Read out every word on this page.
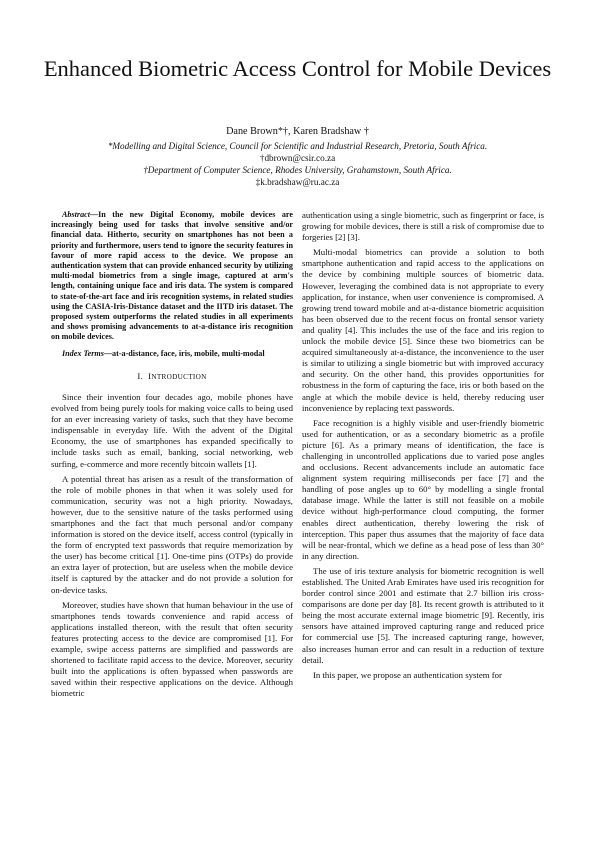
Enhanced Biometric Access Control for Mobile Devices
Dane Brown*†, Karen Bradshaw †
*Modelling and Digital Science, Council for Scientific and Industrial Research, Pretoria, South Africa.
†dbrown@csir.co.za
†Department of Computer Science, Rhodes University, Grahamstown, South Africa.
‡k.bradshaw@ru.ac.za

Abstract—In the new Digital Economy, mobile devices are increasingly being used for tasks that involve sensitive and/or financial data. Hitherto, security on smartphones has not been a priority and furthermore, users tend to ignore the security features in favour of more rapid access to the device. We propose an authentication system that can provide enhanced security by utilizing multi-modal biometrics from a single image, captured at arm's length, containing unique face and iris data. The system is compared to state-of-the-art face and iris recognition systems, in related studies using the CASIA-Iris-Distance dataset and the IITD iris dataset. The proposed system outperforms the related studies in all experiments and shows promising advancements to at-a-distance iris recognition on mobile devices.

Index Terms—at-a-distance, face, iris, mobile, multi-modal

I. INTRODUCTION

Since their invention four decades ago, mobile phones have evolved from being purely tools for making voice calls to being used for an ever increasing variety of tasks, such that they have become indispensable in everyday life. With the advent of the Digital Economy, the use of smartphones has expanded specifically to include tasks such as email, banking, social networking, web surfing, e-commerce and more recently bitcoin wallets [1].

A potential threat has arisen as a result of the transformation of the role of mobile phones in that when it was solely used for communication, security was not a high priority. Nowadays, however, due to the sensitive nature of the tasks performed using smartphones and the fact that much personal and/or company information is stored on the device itself, access control (typically in the form of encrypted text passwords that require memorization by the user) has become critical [1]. One-time pins (OTPs) do provide an extra layer of protection, but are useless when the mobile device itself is captured by the attacker and do not provide a solution for on-device tasks.

Moreover, studies have shown that human behaviour in the use of smartphones tends towards convenience and rapid access of applications installed thereon, with the result that often security features protecting access to the device are compromised [1]. For example, swipe access patterns are simplified and passwords are shortened to facilitate rapid access to the device. Moreover, security built into the applications is often bypassed when passwords are saved within their respective applications on the device. Although biometric

authentication using a single biometric, such as fingerprint or face, is growing for mobile devices, there is still a risk of compromise due to forgeries [2] [3].

Multi-modal biometrics can provide a solution to both smartphone authentication and rapid access to the applications on the device by combining multiple sources of biometric data. However, leveraging the combined data is not appropriate to every application, for instance, when user convenience is compromised. A growing trend toward mobile and at-a-distance biometric acquisition has been observed due to the recent focus on frontal sensor variety and quality [4]. This includes the use of the face and iris region to unlock the mobile device [5]. Since these two biometrics can be acquired simultaneously at-a-distance, the inconvenience to the user is similar to utilizing a single biometric but with improved accuracy and security. On the other hand, this provides opportunities for robustness in the form of capturing the face, iris or both based on the angle at which the mobile device is held, thereby reducing user inconvenience by replacing text passwords.

Face recognition is a highly visible and user-friendly biometric used for authentication, or as a secondary biometric as a profile picture [6]. As a primary means of identification, the face is challenging in uncontrolled applications due to varied pose angles and occlusions. Recent advancements include an automatic face alignment system requiring milliseconds per face [7] and the handling of pose angles up to 60° by modelling a single frontal database image. While the latter is still not feasible on a mobile device without high-performance cloud computing, the former enables direct authentication, thereby lowering the risk of interception. This paper thus assumes that the majority of face data will be near-frontal, which we define as a head pose of less than 30° in any direction.

The use of iris texture analysis for biometric recognition is well established. The United Arab Emirates have used iris recognition for border control since 2001 and estimate that 2.7 billion iris cross-comparisons are done per day [8]. Its recent growth is attributed to it being the most accurate external image biometric [9]. Recently, iris sensors have attained improved capturing range and reduced price for commercial use [5]. The increased capturing range, however, also increases human error and can result in a reduction of texture detail.

In this paper, we propose an authentication system for
